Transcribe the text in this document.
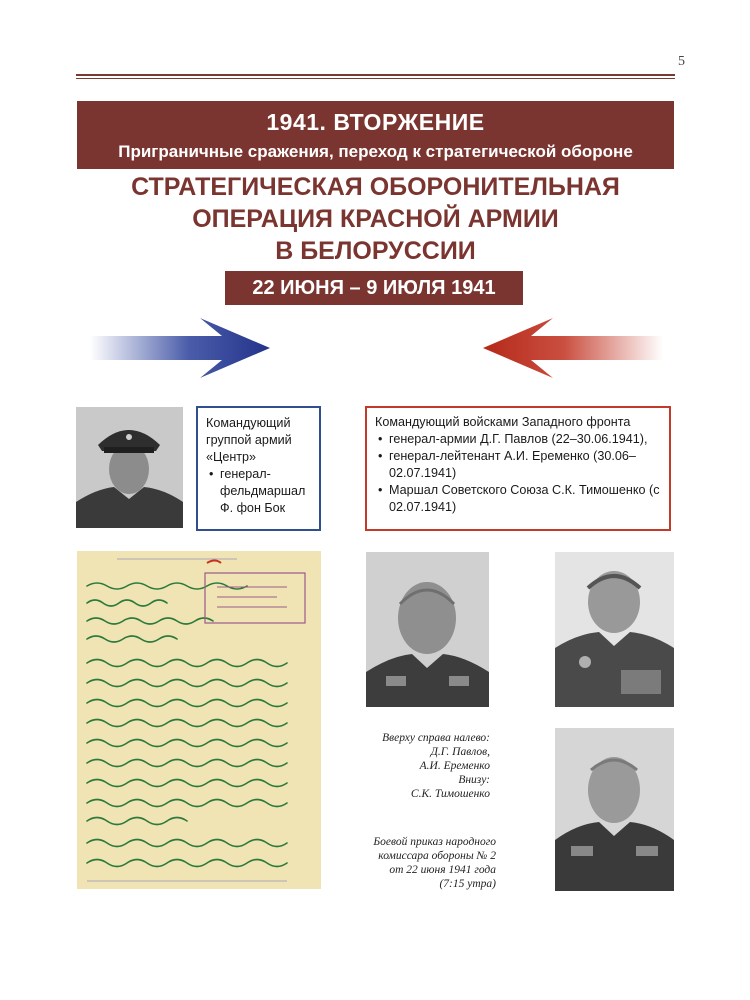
5
1941. ВТОРЖЕНИЕ
Приграничные сражения, переход к стратегической обороне
СТРАТЕГИЧЕСКАЯ ОБОРОНИТЕЛЬНАЯ
ОПЕРАЦИЯ КРАСНОЙ АРМИИ
В БЕЛОРУССИИ
22 ИЮНЯ – 9 ИЮЛЯ 1941
Командующий группой армий «Центр»
• генерал-фельдмаршал Ф. фон Бок
Командующий войсками Западного фронта
• генерал-армии Д.Г. Павлов (22–30.06.1941),
• генерал-лейтенант А.И. Еременко (30.06–02.07.1941)
• Маршал Советского Союза С.К. Тимошенко (с 02.07.1941)
Вверху справа налево:
Д.Г. Павлов,
А.И. Еременко
Внизу:
С.К. Тимошенко
Боевой приказ народного
комиссара обороны № 2
от 22 июня 1941 года
(7:15 утра)
